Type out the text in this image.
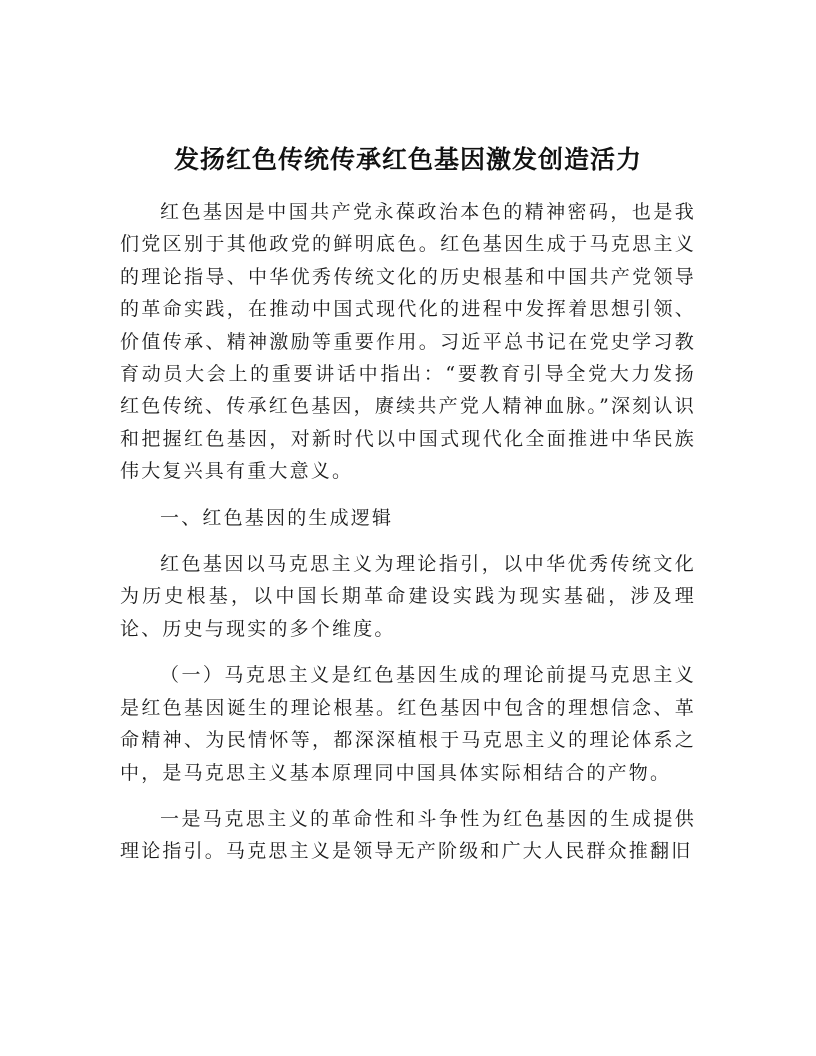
发扬红色传统传承红色基因激发创造活力

红色基因是中国共产党永葆政治本色的精神密码，也是我们党区别于其他政党的鲜明底色。红色基因生成于马克思主义的理论指导、中华优秀传统文化的历史根基和中国共产党领导的革命实践，在推动中国式现代化的进程中发挥着思想引领、价值传承、精神激励等重要作用。习近平总书记在党史学习教育动员大会上的重要讲话中指出：“要教育引导全党大力发扬红色传统、传承红色基因，赓续共产党人精神血脉。”深刻认识和把握红色基因，对新时代以中国式现代化全面推进中华民族伟大复兴具有重大意义。

一、红色基因的生成逻辑

红色基因以马克思主义为理论指引，以中华优秀传统文化为历史根基，以中国长期革命建设实践为现实基础，涉及理论、历史与现实的多个维度。

（一）马克思主义是红色基因生成的理论前提马克思主义是红色基因诞生的理论根基。红色基因中包含的理想信念、革命精神、为民情怀等，都深深植根于马克思主义的理论体系之中，是马克思主义基本原理同中国具体实际相结合的产物。

一是马克思主义的革命性和斗争性为红色基因的生成提供理论指引。马克思主义是领导无产阶级和广大人民群众推翻旧
